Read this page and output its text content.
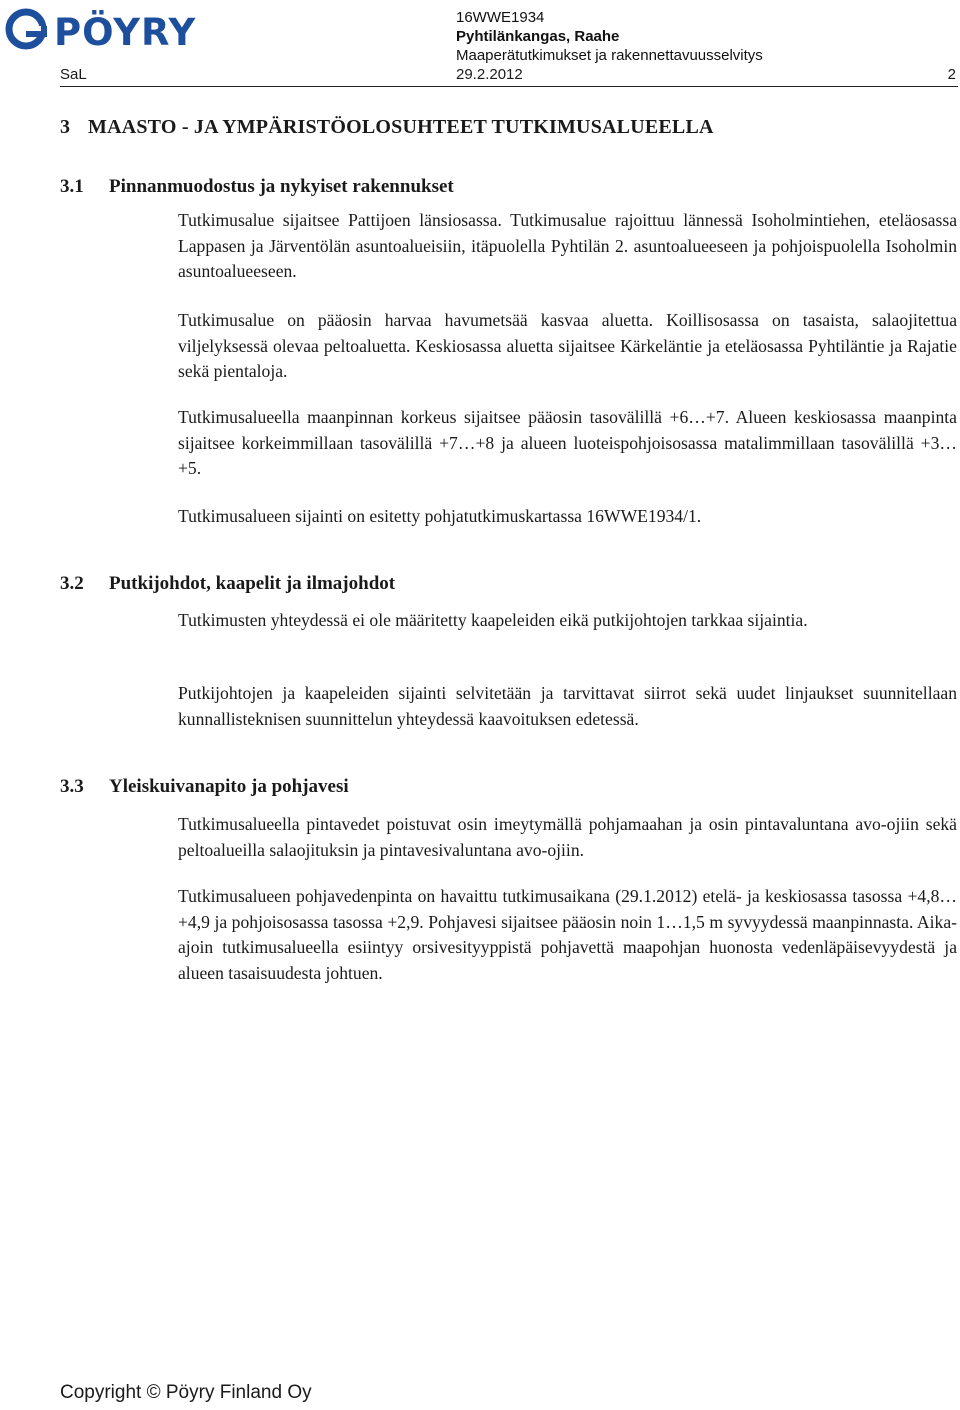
PÖYRY	16WWE1934
Pyhtilänkangas, Raahe
Maaperätutkimukset ja rakennettavuusselvitys
SaL	29.2.2012	2
3 MAASTO - JA YMPÄRISTÖOLOSUHTEET TUTKIMUSALUEELLA
3.1 Pinnanmuodostus ja nykyiset rakennukset

Tutkimusalue sijaitsee Pattijoen länsiosassa. Tutkimusalue rajoittuu lännessä Isoholmintiehen, eteläosassa Lappasen ja Järventölän asuntoalueisiin, itäpuolella Pyhtilän 2. asuntoalueeseen ja pohjoispuolella Isoholmin asuntoalueeseen.

Tutkimusalue on pääosin harvaa havumetsää kasvaa aluetta. Koillisosassa on tasaista, salaojitettua viljelyksessä olevaa peltoaluetta. Keskiosassa aluetta sijaitsee Kärkeläntie ja eteläosassa Pyhtiläntie ja Rajatie sekä pientaloja.

Tutkimusalueella maanpinnan korkeus sijaitsee pääosin tasovälillä +6…+7. Alueen keskiosassa maanpinta sijaitsee korkeimmillaan tasovälillä +7…+8 ja alueen luoteispohjoisosassa matalimmillaan tasovälillä +3…+5.

Tutkimusalueen sijainti on esitetty pohjatutkimuskartassa 16WWE1934/1.

3.2 Putkijohdot, kaapelit ja ilmajohdot

Tutkimusten yhteydessä ei ole määritetty kaapeleiden eikä putkijohtojen tarkkaa sijaintia.

Putkijohtojen ja kaapeleiden sijainti selvitetään ja tarvittavat siirrot sekä uudet linjaukset suunnitellaan kunnallisteknisen suunnittelun yhteydessä kaavoituksen edetessä.

3.3 Yleiskuivanapito ja pohjavesi

Tutkimusalueella pintavedet poistuvat osin imeytymällä pohjamaahan ja osin pintavaluntana avo-ojiin sekä peltoalueilla salaojituksin ja pintavesivaluntana avo-ojiin.

Tutkimusalueen pohjavedenpinta on havaittu tutkimusaikana (29.1.2012) etelä- ja keskiosassa tasossa +4,8…+4,9 ja pohjoisosassa tasossa +2,9. Pohjavesi sijaitsee pääosin noin 1…1,5 m syvyydessä maanpinnasta. Aika-ajoin tutkimusalueella esiintyy orsivesityyppistä pohjavettä maapohjan huonosta vedenläpäisevyydestä ja alueen tasaisuudesta johtuen.

Copyright © Pöyry Finland Oy
